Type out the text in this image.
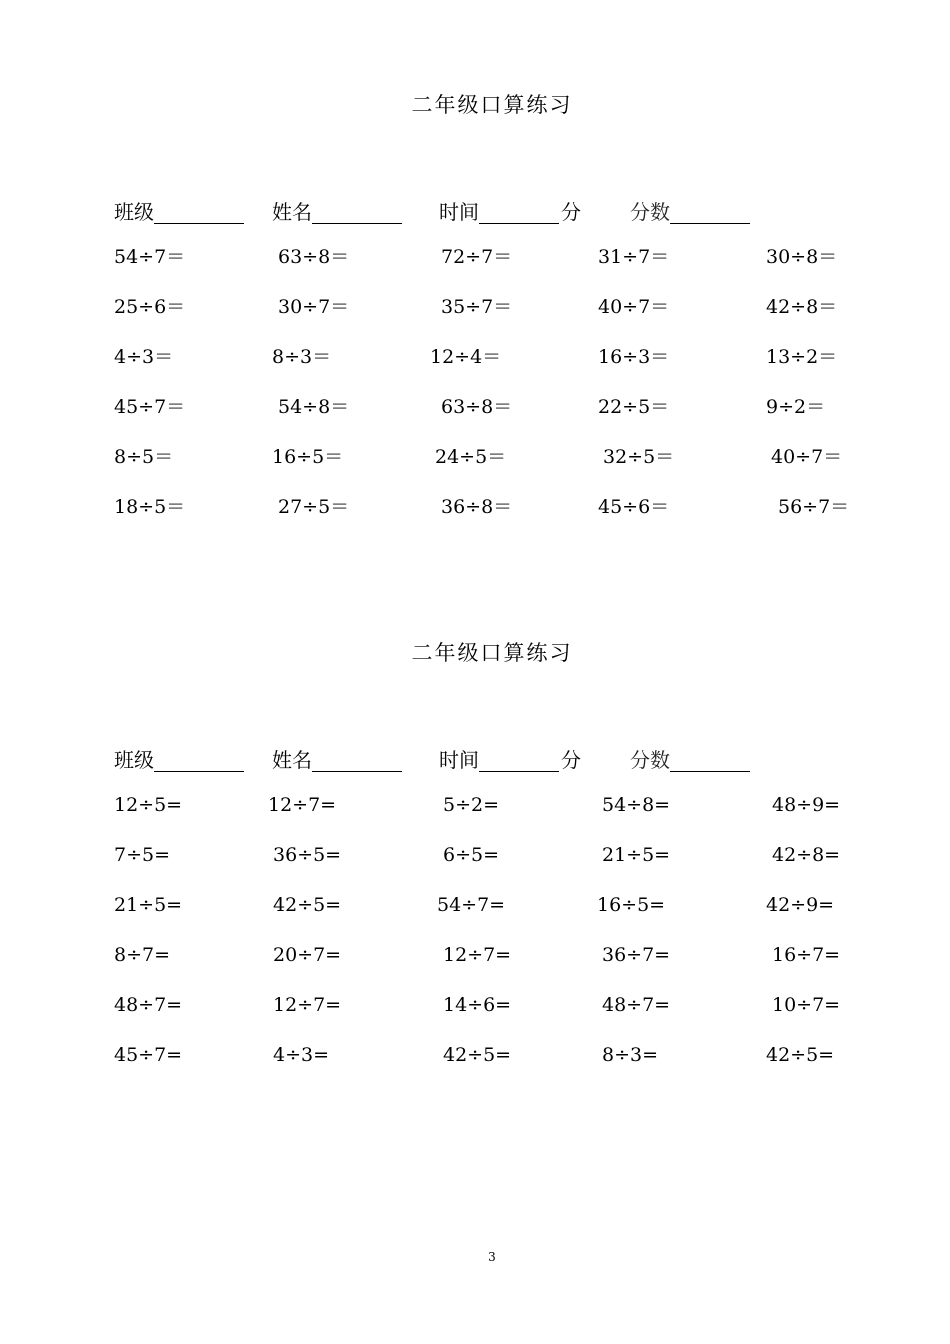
二年级口算练习
班级	姓名	时间	分 分数
54÷7＝	63÷8＝	72÷7＝	31÷7＝	30÷8＝
25÷6＝	30÷7＝	35÷7＝	40÷7＝	42÷8＝
4÷3＝	8÷3＝	12÷4＝	16÷3＝	13÷2＝
45÷7＝	54÷8＝	63÷8＝	22÷5＝	9÷2＝
8÷5＝	16÷5＝	24÷5＝	32÷5＝	40÷7＝
18÷5＝	27÷5＝	36÷8＝	45÷6＝	56÷7＝
二年级口算练习
班级	姓名	时间	分 分数
12÷5=	12÷7=	5÷2=	54÷8=	48÷9=
7÷5=	36÷5=	6÷5=	21÷5=	42÷8=
21÷5=	42÷5=	54÷7=	16÷5=	42÷9=
8÷7=	20÷7=	12÷7=	36÷7=	16÷7=
48÷7=	12÷7=	14÷6=	48÷7=	10÷7=
45÷7=	4÷3=	42÷5=	8÷3=	42÷5=
3
